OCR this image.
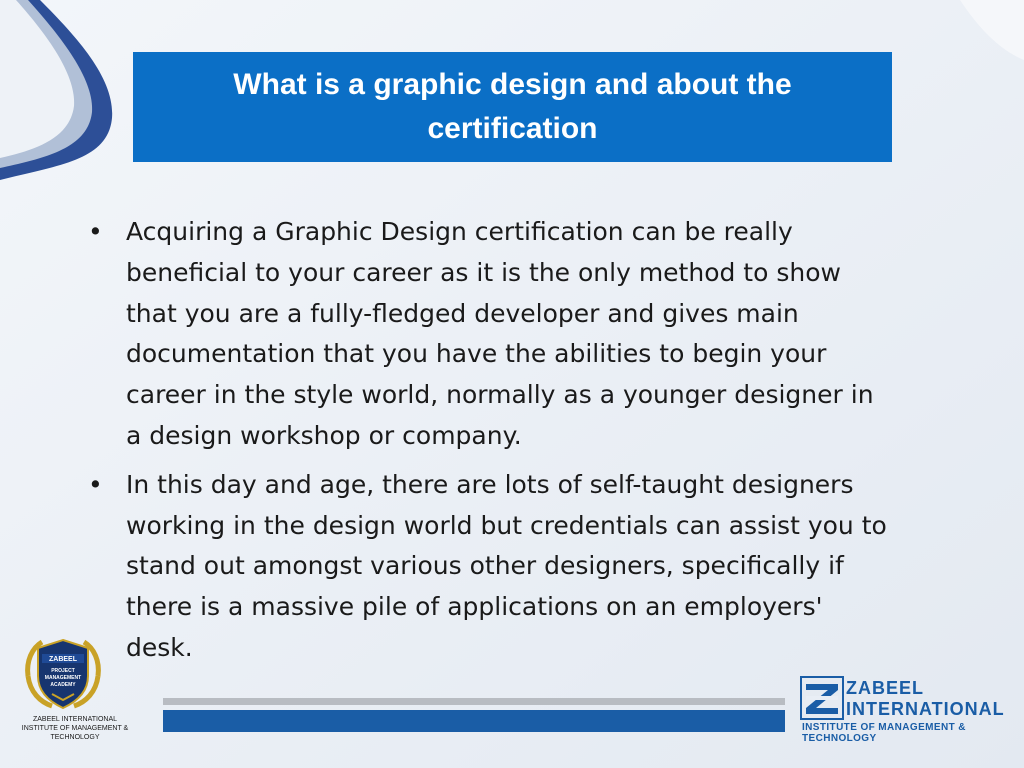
What is a graphic design and about the certification
• Acquiring a Graphic Design certification can be really beneficial to your career as it is the only method to show that you are a fully-fledged developer and gives main documentation that you have the abilities to begin your career in the style world, normally as a younger designer in a design workshop or company.
• In this day and age, there are lots of self-taught designers working in the design world but credentials can assist you to stand out amongst various other designers, specifically if there is a massive pile of applications on an employers' desk.
ZABEEL
PROJECT
MANAGEMENT
ACADEMY
ZABEEL INTERNATIONAL
INSTITUTE OF MANAGEMENT & TECHNOLOGY
ZABEEL
INTERNATIONAL
INSTITUTE OF MANAGEMENT & TECHNOLOGY
